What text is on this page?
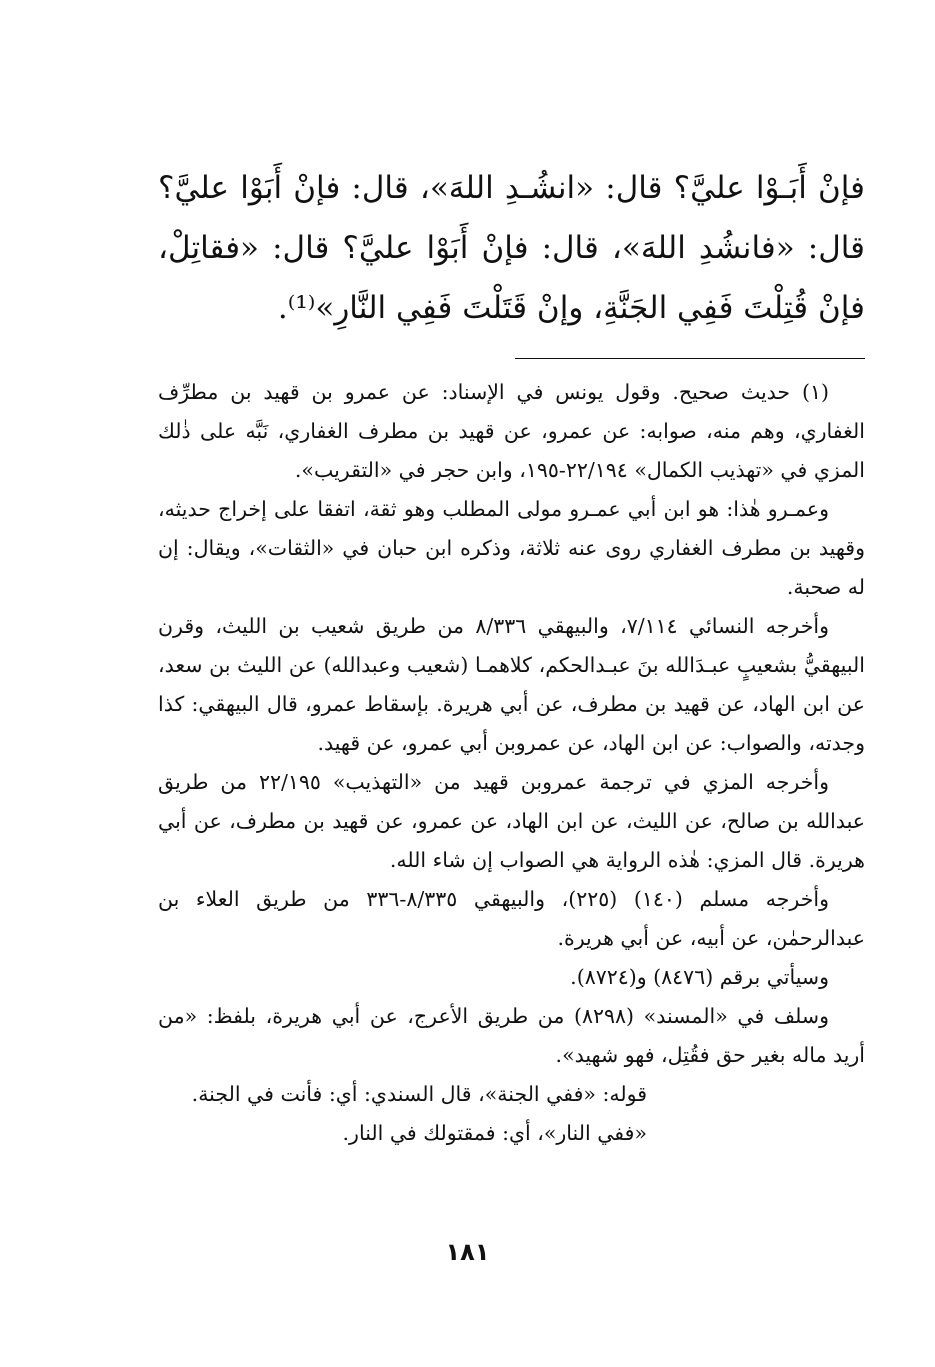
فإنْ أَبَـوْا عليَّ؟ قال: «انشُـدِ اللهَ»، قال: فإنْ أَبَوْا عليَّ؟ قال: «فانشُدِ اللهَ»، قال: فإنْ أَبَوْا عليَّ؟ قال: «فقاتِلْ، فإنْ قُتِلْتَ فَفِي الجَنَّةِ، وإنْ قَتَلْتَ فَفِي النَّارِ»⁽¹⁾.

(١) حديث صحيح. وقول يونس في الإسناد: عن عمرو بن قهيد بن مطرِّف الغفاري، وهم منه، صوابه: عن عمرو، عن قهيد بن مطرف الغفاري، نَبَّه على ذٰلك المزي في «تهذيب الكمال» ٢٢/١٩٤-١٩٥، وابن حجر في «التقريب».

وعمـرو هٰذا: هو ابن أبي عمـرو مولى المطلب وهو ثقة، اتفقا على إخراج حديثه، وقهيد بن مطرف الغفاري روى عنه ثلاثة، وذكره ابن حبان في «الثقات»، ويقال: إن له صحبة.

وأخرجه النسائي ٧/١١٤، والبيهقي ٨/٣٣٦ من طريق شعيب بن الليث، وقرن البيهقيُّ بشعيبٍ عبـدَالله بنَ عبـدالحكم، كلاهمـا (شعيب وعبدالله) عن الليث بن سعد، عن ابن الهاد، عن قهيد بن مطرف، عن أبي هريرة. بإسقاط عمرو، قال البيهقي: كذا وجدته، والصواب: عن ابن الهاد، عن عمروبن أبي عمرو، عن قهيد.

وأخرجه المزي في ترجمة عمروبن قهيد من «التهذيب» ٢٢/١٩٥ من طريق عبدالله بن صالح، عن الليث، عن ابن الهاد، عن عمرو، عن قهيد بن مطرف، عن أبي هريرة. قال المزي: هٰذه الرواية هي الصواب إن شاء الله.

وأخرجه مسلم (١٤٠) (٢٢٥)، والبيهقي ٨/٣٣٥-٣٣٦ من طريق العلاء بن عبدالرحمٰن، عن أبيه، عن أبي هريرة.

وسيأتي برقم (٨٤٧٦) و(٨٧٢٤).

وسلف في «المسند» (٨٢٩٨) من طريق الأعرج، عن أبي هريرة، بلفظ: «من أريد ماله بغير حق فقُتِل، فهو شهيد».

قوله: «ففي الجنة»، قال السندي: أي: فأنت في الجنة.

«ففي النار»، أي: فمقتولك في النار.

١٨١
